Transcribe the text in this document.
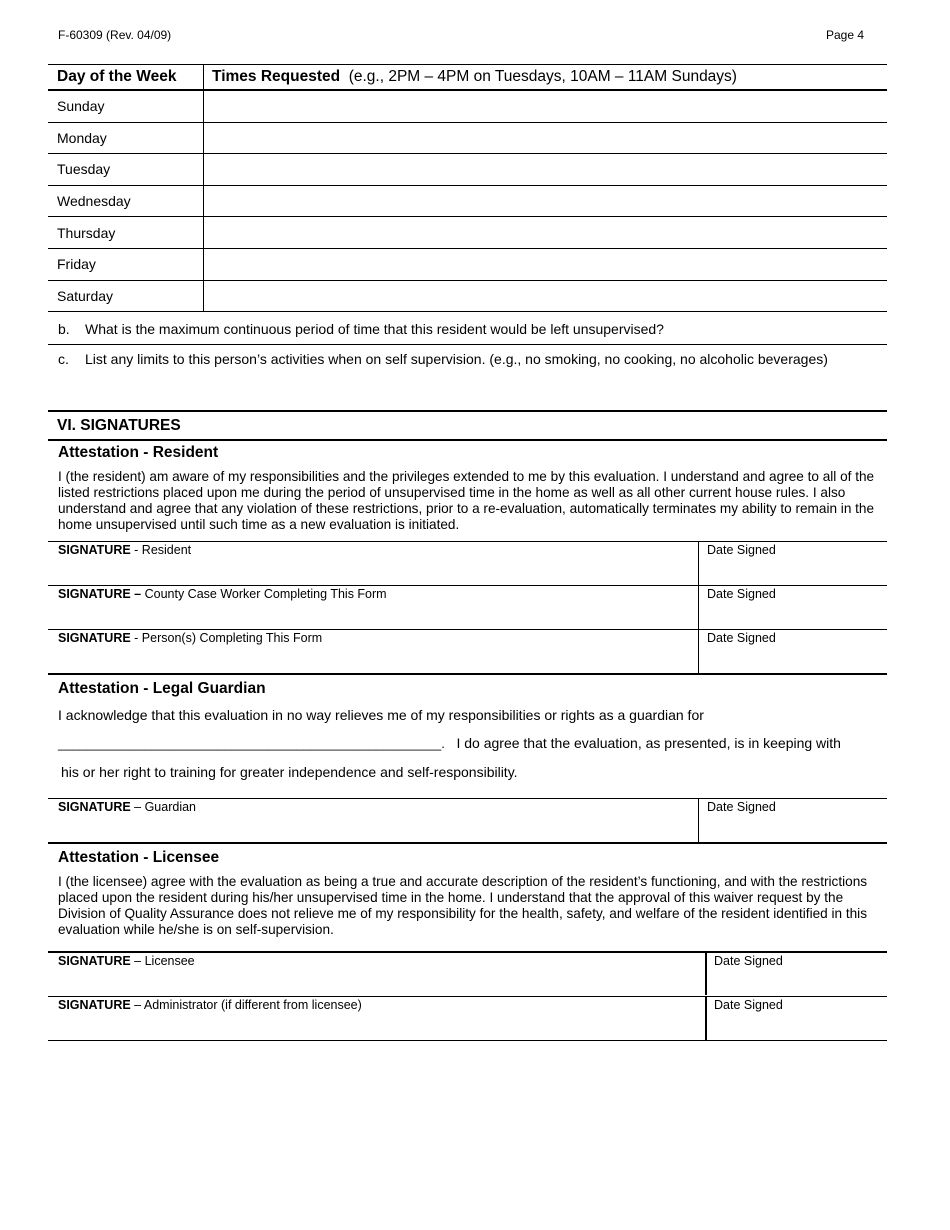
F-60309 (Rev. 04/09)	Page 4
Day of the Week	Times Requested (e.g., 2PM – 4PM on Tuesdays, 10AM – 11AM Sundays)
Sunday	
Monday	
Tuesday	
Wednesday	
Thursday	
Friday	
Saturday	
b. What is the maximum continuous period of time that this resident would be left unsupervised?
c. List any limits to this person’s activities when on self supervision. (e.g., no smoking, no cooking, no alcoholic beverages)
VI. SIGNATURES
Attestation - Resident
I (the resident) am aware of my responsibilities and the privileges extended to me by this evaluation. I understand and agree to all of the listed restrictions placed upon me during the period of unsupervised time in the home as well as all other current house rules. I also understand and agree that any violation of these restrictions, prior to a re-evaluation, automatically terminates my ability to remain in the home unsupervised until such time as a new evaluation is initiated.
SIGNATURE - Resident	Date Signed
SIGNATURE – County Case Worker Completing This Form	Date Signed
SIGNATURE - Person(s) Completing This Form	Date Signed
Attestation - Legal Guardian
I acknowledge that this evaluation in no way relieves me of my responsibilities or rights as a guardian for
_____________________________________________________. I do agree that the evaluation, as presented, is in keeping with
his or her right to training for greater independence and self-responsibility.
SIGNATURE – Guardian	Date Signed
Attestation - Licensee
I (the licensee) agree with the evaluation as being a true and accurate description of the resident’s functioning, and with the restrictions placed upon the resident during his/her unsupervised time in the home. I understand that the approval of this waiver request by the Division of Quality Assurance does not relieve me of my responsibility for the health, safety, and welfare of the resident identified in this evaluation while he/she is on self-supervision.
SIGNATURE – Licensee	Date Signed
SIGNATURE – Administrator (if different from licensee)	Date Signed
